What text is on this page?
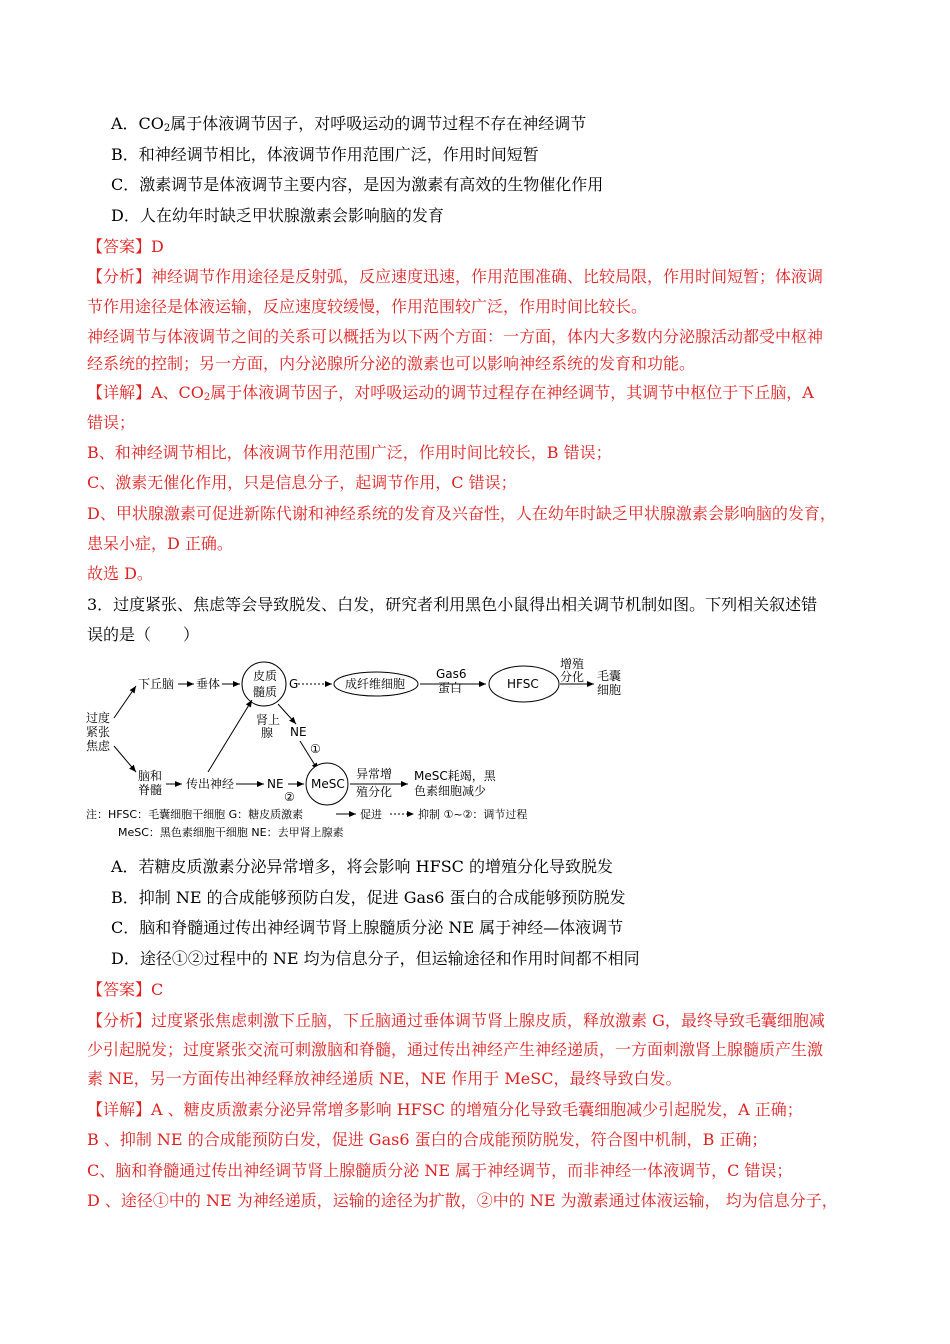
A．$CO_2$属于体液调节因子，对呼吸运动的调节过程不存在神经调节
B．和神经调节相比，体液调节作用范围广泛，作用时间短暂
C．激素调节是体液调节主要内容，是因为激素有高效的生物催化作用
D．人在幼年时缺乏甲状腺激素会影响脑的发育
【答案】D
【分析】神经调节作用途径是反射弧，反应速度迅速，作用范围准确、比较局限，作用时间短暂；体液调
节作用途径是体液运输，反应速度较缓慢，作用范围较广泛，作用时间比较长。
神经调节与体液调节之间的关系可以概括为以下两个方面：一方面，体内大多数内分泌腺活动都受中枢神
经系统的控制；另一方面，内分泌腺所分泌的激素也可以影响神经系统的发育和功能。
【详解】A、$CO_2$属于体液调节因子，对呼吸运动的调节过程存在神经调节，其调节中枢位于下丘脑，A
错误；
B、和神经调节相比，体液调节作用范围广泛，作用时间比较长，B 错误；
C、激素无催化作用，只是信息分子，起调节作用，C 错误；
D、甲状腺激素可促进新陈代谢和神经系统的发育及兴奋性，人在幼年时缺乏甲状腺激素会影响脑的发育，
患呆小症，D 正确。
故选 D。
3．过度紧张、焦虑等会导致脱发、白发，研究者利用黑色小鼠得出相关调节机制如图。下列相关叙述错
误的是（　　）
过度
紧张
焦虑
下丘脑 垂体
皮质
髓质
G	成纤维细胞
Gas6
蛋白	HFSC
增殖
分化 毛囊
细胞
肾上
腺 NE
①
脑和
脊髓 传出神经	NE
②
MeSC
异常增
殖分化
MeSC耗竭，黑
色素细胞减少
注：HFSC：毛囊细胞干细胞 G：糖皮质激素	促进	抑制 ①~②：调节过程
MeSC：黑色素细胞干细胞 NE：去甲肾上腺素
A．若糖皮质激素分泌异常增多，将会影响 HFSC 的增殖分化导致脱发
B．抑制 NE 的合成能够预防白发，促进 Gas6 蛋白的合成能够预防脱发
C．脑和脊髓通过传出神经调节肾上腺髓质分泌 NE 属于神经—体液调节
D．途径①②过程中的 NE 均为信息分子，但运输途径和作用时间都不相同
【答案】C
【分析】过度紧张焦虑刺激下丘脑，下丘脑通过垂体调节肾上腺皮质，释放激素 G，最终导致毛囊细胞减
少引起脱发；过度紧张交流可刺激脑和脊髓，通过传出神经产生神经递质，一方面刺激肾上腺髓质产生激
素 NE，另一方面传出神经释放神经递质 NE，NE 作用于 MeSC，最终导致白发。
【详解】A 、糖皮质激素分泌异常增多影响 HFSC 的增殖分化导致毛囊细胞减少引起脱发，A 正确；
B 、抑制 NE 的合成能预防白发，促进 Gas6 蛋白的合成能预防脱发，符合图中机制，B 正确；
C、脑和脊髓通过传出神经调节肾上腺髓质分泌 NE 属于神经调节，而非神经一体液调节，C 错误；
D 、途径①中的 NE 为神经递质，运输的途径为扩散，②中的 NE 为激素通过体液运输， 均为信息分子，
